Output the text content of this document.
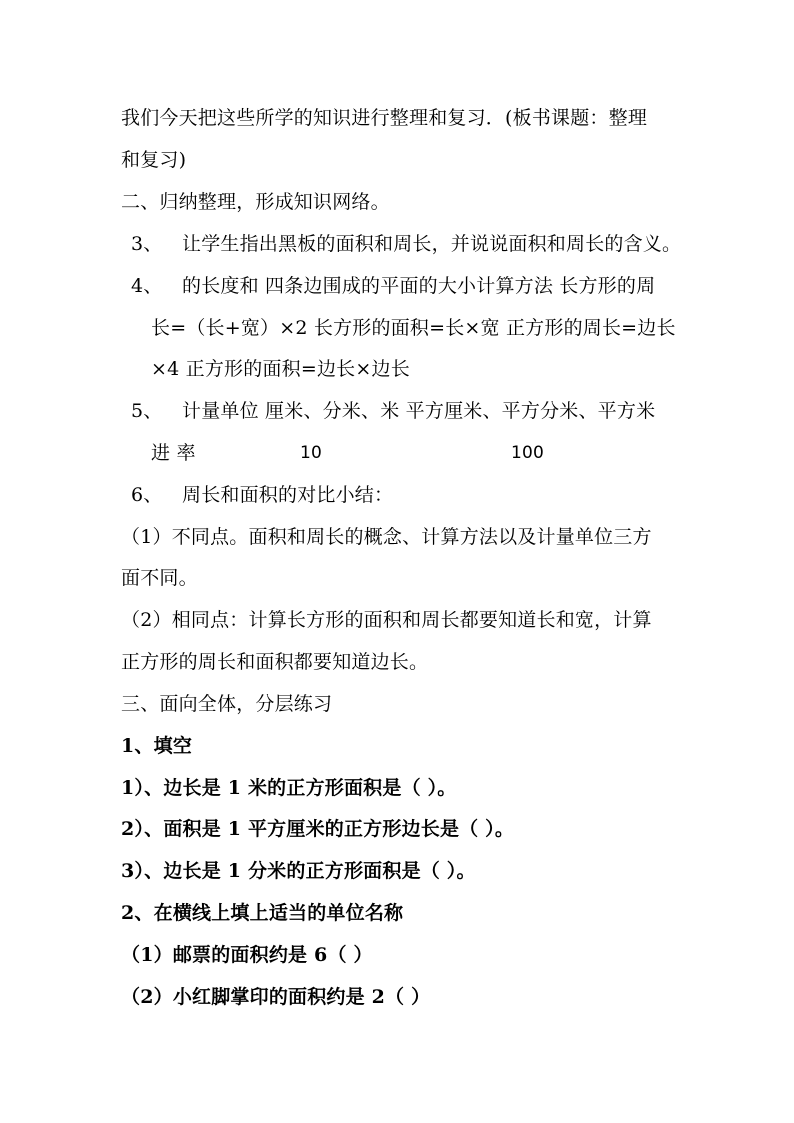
我们今天把这些所学的知识进行整理和复习．(板书课题：整理
和复习)
二、归纳整理，形成知识网络。
3、 让学生指出黑板的面积和周长，并说说面积和周长的含义。
4、 的长度和 四条边围成的平面的大小计算方法 长方形的周
长=（长+宽）×2 长方形的面积=长×宽 正方形的周长=边长
×4 正方形的面积=边长×边长
5、 计量单位 厘米、分米、米 平方厘米、平方分米、平方米
进 率	10	100
6、 周长和面积的对比小结：
（1）不同点。面积和周长的概念、计算方法以及计量单位三方
面不同。
（2）相同点：计算长方形的面积和周长都要知道长和宽，计算
正方形的周长和面积都要知道边长。
三、面向全体，分层练习
1、填空
1）、边长是 1 米的正方形面积是（ ）。
2）、面积是 1 平方厘米的正方形边长是（ ）。
3）、边长是 1 分米的正方形面积是（ ）。
2、在横线上填上适当的单位名称
（1）邮票的面积约是 6（ ）
（2）小红脚掌印的面积约是 2（ ）
